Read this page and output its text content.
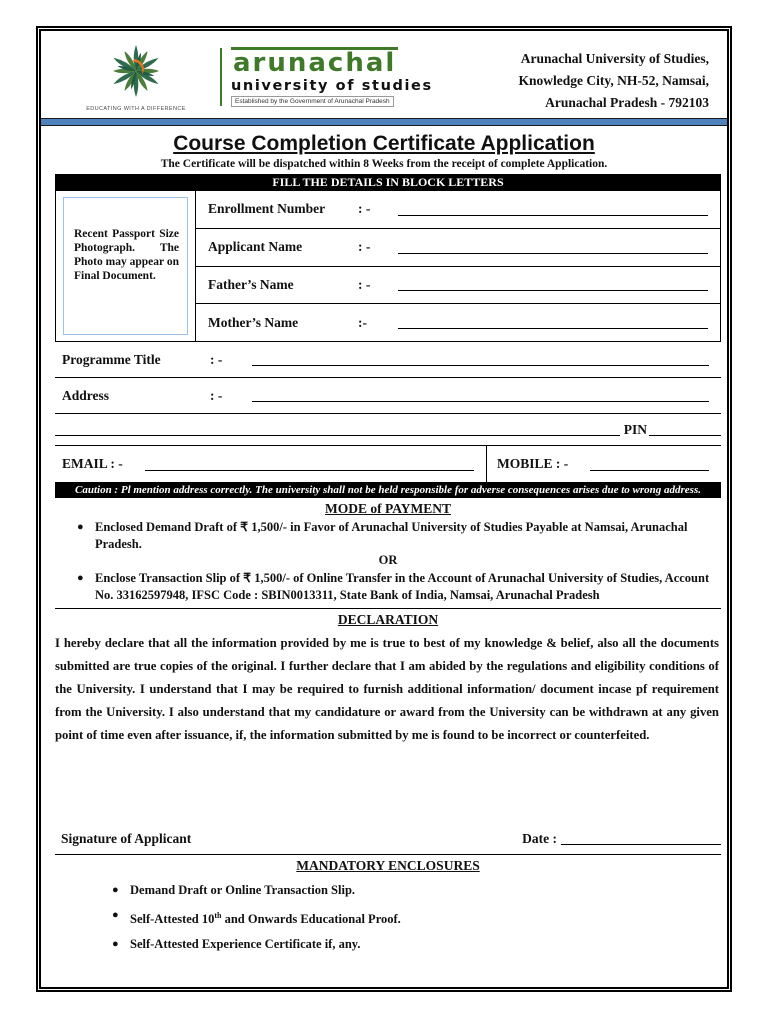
EDUCATING WITH A DIFFERENCE
arunachal
university of studies
Established by the Government of Arunachal Pradesh
Arunachal University of Studies,
Knowledge City, NH-52, Namsai,
Arunachal Pradesh - 792103
Course Completion Certificate Application
The Certificate will be dispatched within 8 Weeks from the receipt of complete Application.
FILL THE DETAILS IN BLOCK LETTERS
Recent Passport Size Photograph. The Photo may appear on Final Document.
Enrollment Number	: -
Applicant Name	: -
Father’s Name	: -
Mother’s Name	:-
Programme Title	: -
Address	: -
PIN
EMAIL : -	MOBILE : -
Caution : Pl mention address correctly. The university shall not be held responsible for adverse consequences arises due to wrong address.
MODE of PAYMENT
● Enclosed Demand Draft of ₹ 1,500/- in Favor of Arunachal University of Studies Payable at Namsai, Arunachal Pradesh.
OR
● Enclose Transaction Slip of ₹ 1,500/- of Online Transfer in the Account of Arunachal University of Studies, Account No. 33162597948, IFSC Code : SBIN0013311, State Bank of India, Namsai, Arunachal Pradesh
DECLARATION
I hereby declare that all the information provided by me is true to best of my knowledge & belief, also all the documents submitted are true copies of the original. I further declare that I am abided by the regulations and eligibility conditions of the University. I understand that I may be required to furnish additional information/ document incase pf requirement from the University. I also understand that my candidature or award from the University can be withdrawn at any given point of time even after issuance, if, the information submitted by me is found to be incorrect or counterfeited.
Signature of Applicant	Date :
MANDATORY ENCLOSURES
● Demand Draft or Online Transaction Slip.
● Self-Attested 10th and Onwards Educational Proof.
● Self-Attested Experience Certificate if, any.
